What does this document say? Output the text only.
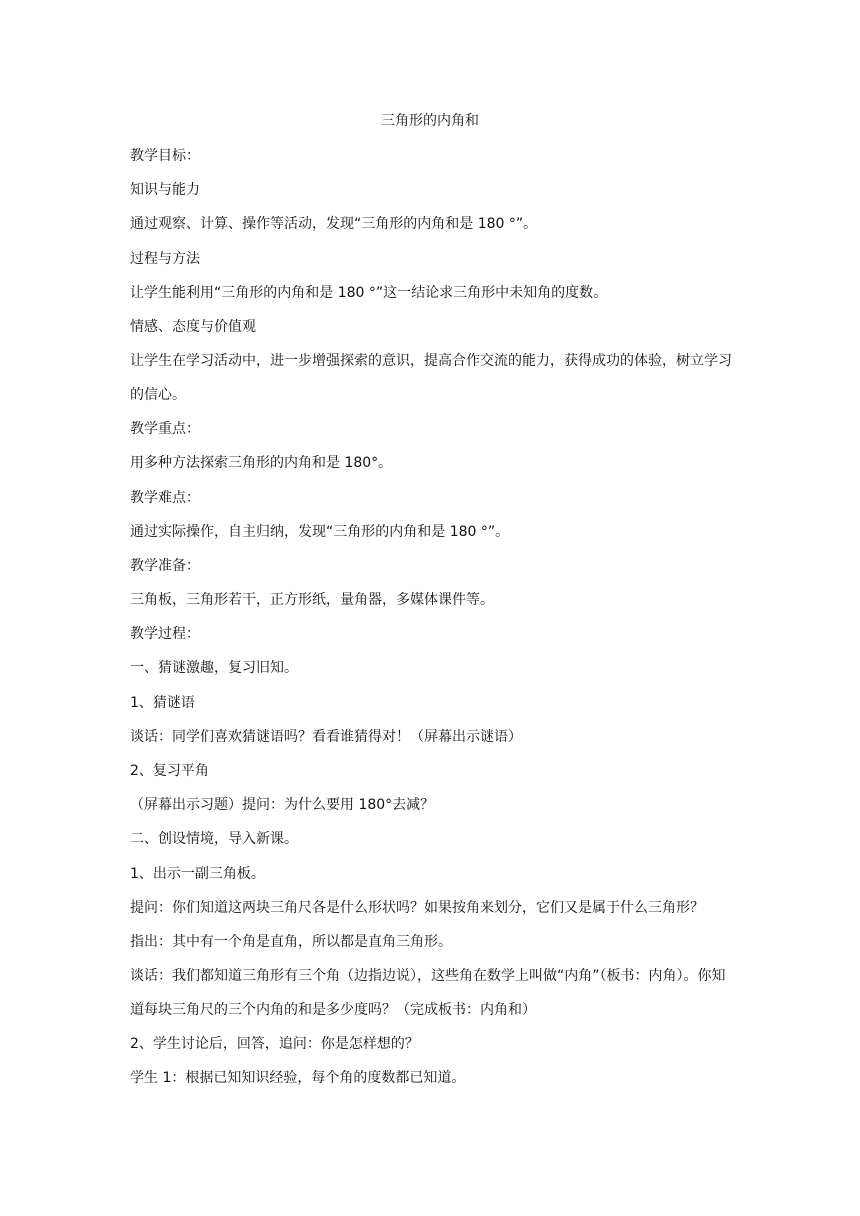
三角形的内角和

教学目标：

知识与能力

通过观察、计算、操作等活动，发现“三角形的内角和是 180 °”。

过程与方法

让学生能利用“三角形的内角和是 180 °”这一结论求三角形中未知角的度数。

情感、态度与价值观

让学生在学习活动中，进一步增强探索的意识，提高合作交流的能力，获得成功的体验，树立学习的信心。

教学重点：

用多种方法探索三角形的内角和是 180°。

教学难点：

通过实际操作，自主归纳，发现“三角形的内角和是 180 °”。

教学准备：

三角板，三角形若干，正方形纸，量角器，多媒体课件等。

教学过程：

一、猜谜激趣，复习旧知。

1、猜谜语

谈话：同学们喜欢猜谜语吗？看看谁猜得对！（屏幕出示谜语）

2、复习平角

（屏幕出示习题）提问：为什么要用 180°去减？

二、创设情境，导入新课。

1、出示一副三角板。

提问：你们知道这两块三角尺各是什么形状吗？如果按角来划分，它们又是属于什么三角形？

指出：其中有一个角是直角，所以都是直角三角形。

谈话：我们都知道三角形有三个角（边指边说），这些角在数学上叫做“内角”（板书：内角）。你知道每块三角尺的三个内角的和是多少度吗？（完成板书：内角和）

2、学生讨论后，回答，追问：你是怎样想的？

学生 1：根据已知知识经验，每个角的度数都已知道。
